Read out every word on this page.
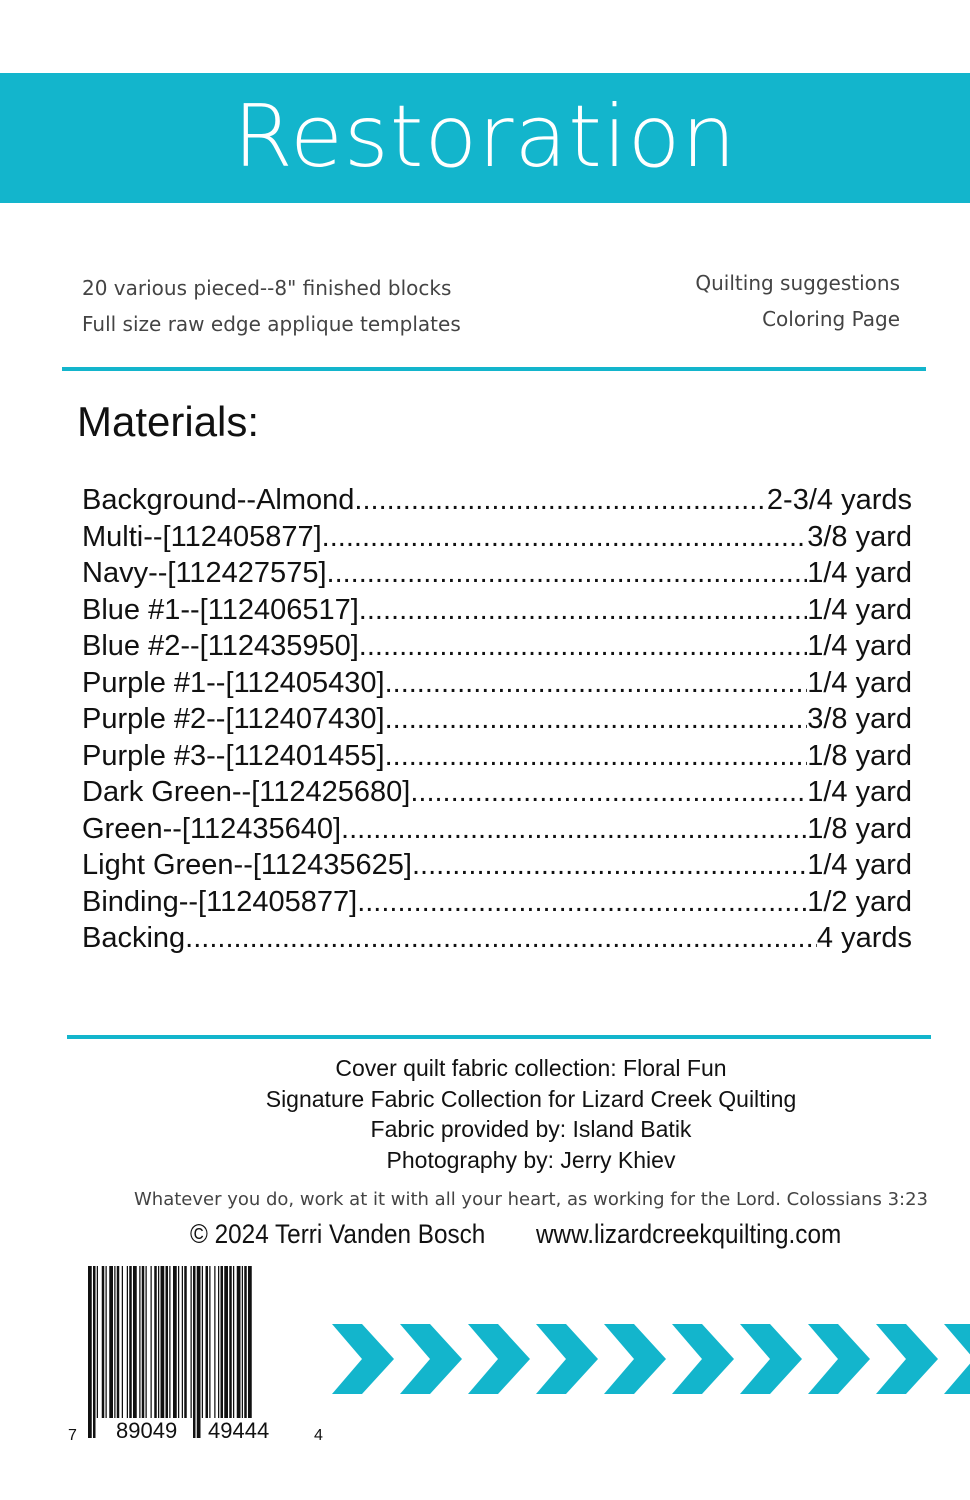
Restoration
20 various pieced--8" finished blocks
Full size raw edge applique templates
Quilting suggestions
Coloring Page
Materials:
Background--Almond .....	2-3/4 yards
Multi--[112405877] .....	3/8 yard
Navy--[112427575] .....	1/4 yard
Blue #1--[112406517] .....	1/4 yard
Blue #2--[112435950] .....	1/4 yard
Purple #1--[112405430] .....	1/4 yard
Purple #2--[112407430] .....	3/8 yard
Purple #3--[112401455] .....	1/8 yard
Dark Green--[112425680] .....	1/4 yard
Green--[112435640] .....	1/8 yard
Light Green--[112435625] .....	1/4 yard
Binding--[112405877] .....	1/2 yard
Backing .....	4 yards
Cover quilt fabric collection: Floral Fun
Signature Fabric Collection for Lizard Creek Quilting
Fabric provided by: Island Batik
Photography by: Jerry Khiev
Whatever you do, work at it with all your heart, as working for the Lord. Colossians 3:23
© 2024 Terri Vanden Bosch www.lizardcreekquilting.com
7 89049 49444	4
